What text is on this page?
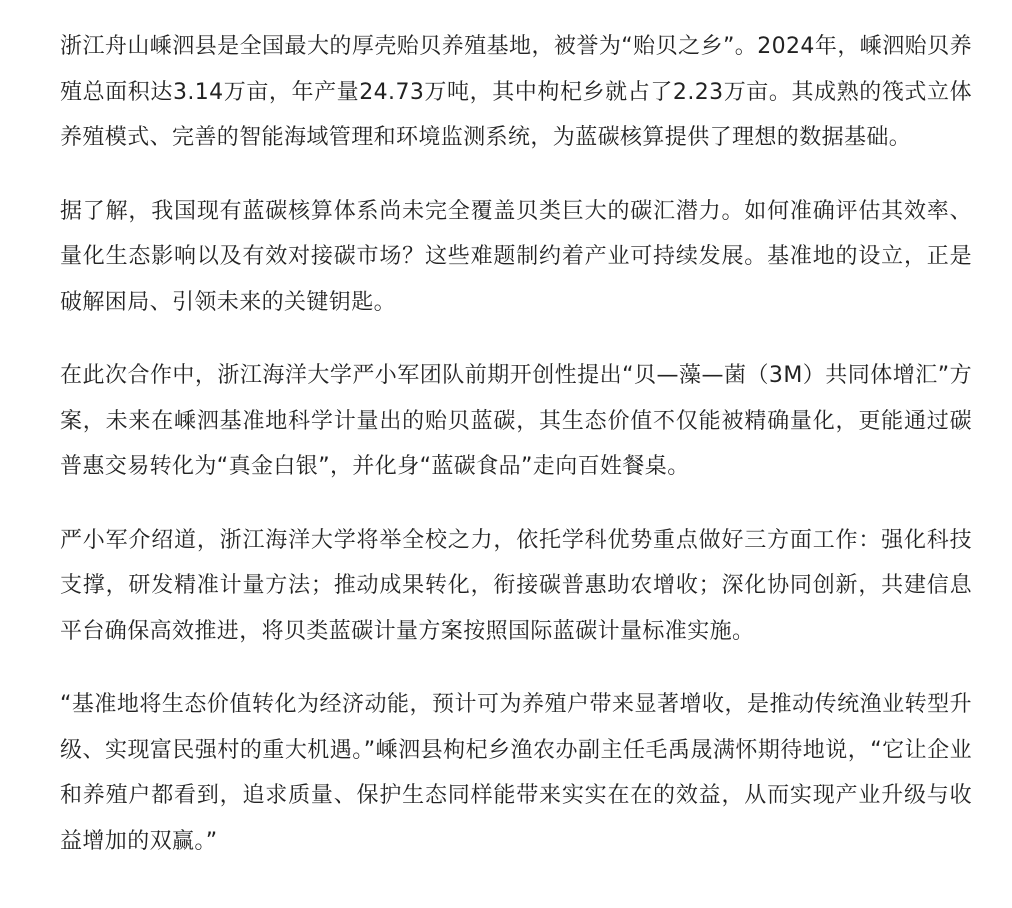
浙江舟山嵊泗县是全国最大的厚壳贻贝养殖基地，被誉为“贻贝之乡”。2024年，嵊泗贻贝养殖总面积达3.14万亩，年产量24.73万吨，其中枸杞乡就占了2.23万亩。其成熟的筏式立体养殖模式、完善的智能海域管理和环境监测系统，为蓝碳核算提供了理想的数据基础。

据了解，我国现有蓝碳核算体系尚未完全覆盖贝类巨大的碳汇潜力。如何准确评估其效率、量化生态影响以及有效对接碳市场？这些难题制约着产业可持续发展。基准地的设立，正是破解困局、引领未来的关键钥匙。

在此次合作中，浙江海洋大学严小军团队前期开创性提出“贝—藻—菌（3M）共同体增汇”方案，未来在嵊泗基准地科学计量出的贻贝蓝碳，其生态价值不仅能被精确量化，更能通过碳普惠交易转化为“真金白银”，并化身“蓝碳食品”走向百姓餐桌。

严小军介绍道，浙江海洋大学将举全校之力，依托学科优势重点做好三方面工作：强化科技支撑，研发精准计量方法；推动成果转化，衔接碳普惠助农增收；深化协同创新，共建信息平台确保高效推进，将贝类蓝碳计量方案按照国际蓝碳计量标准实施。

“基准地将生态价值转化为经济动能，预计可为养殖户带来显著增收，是推动传统渔业转型升级、实现富民强村的重大机遇。”嵊泗县枸杞乡渔农办副主任毛禹晟满怀期待地说，“它让企业和养殖户都看到，追求质量、保护生态同样能带来实实在在的效益，从而实现产业升级与收益增加的双赢。”
